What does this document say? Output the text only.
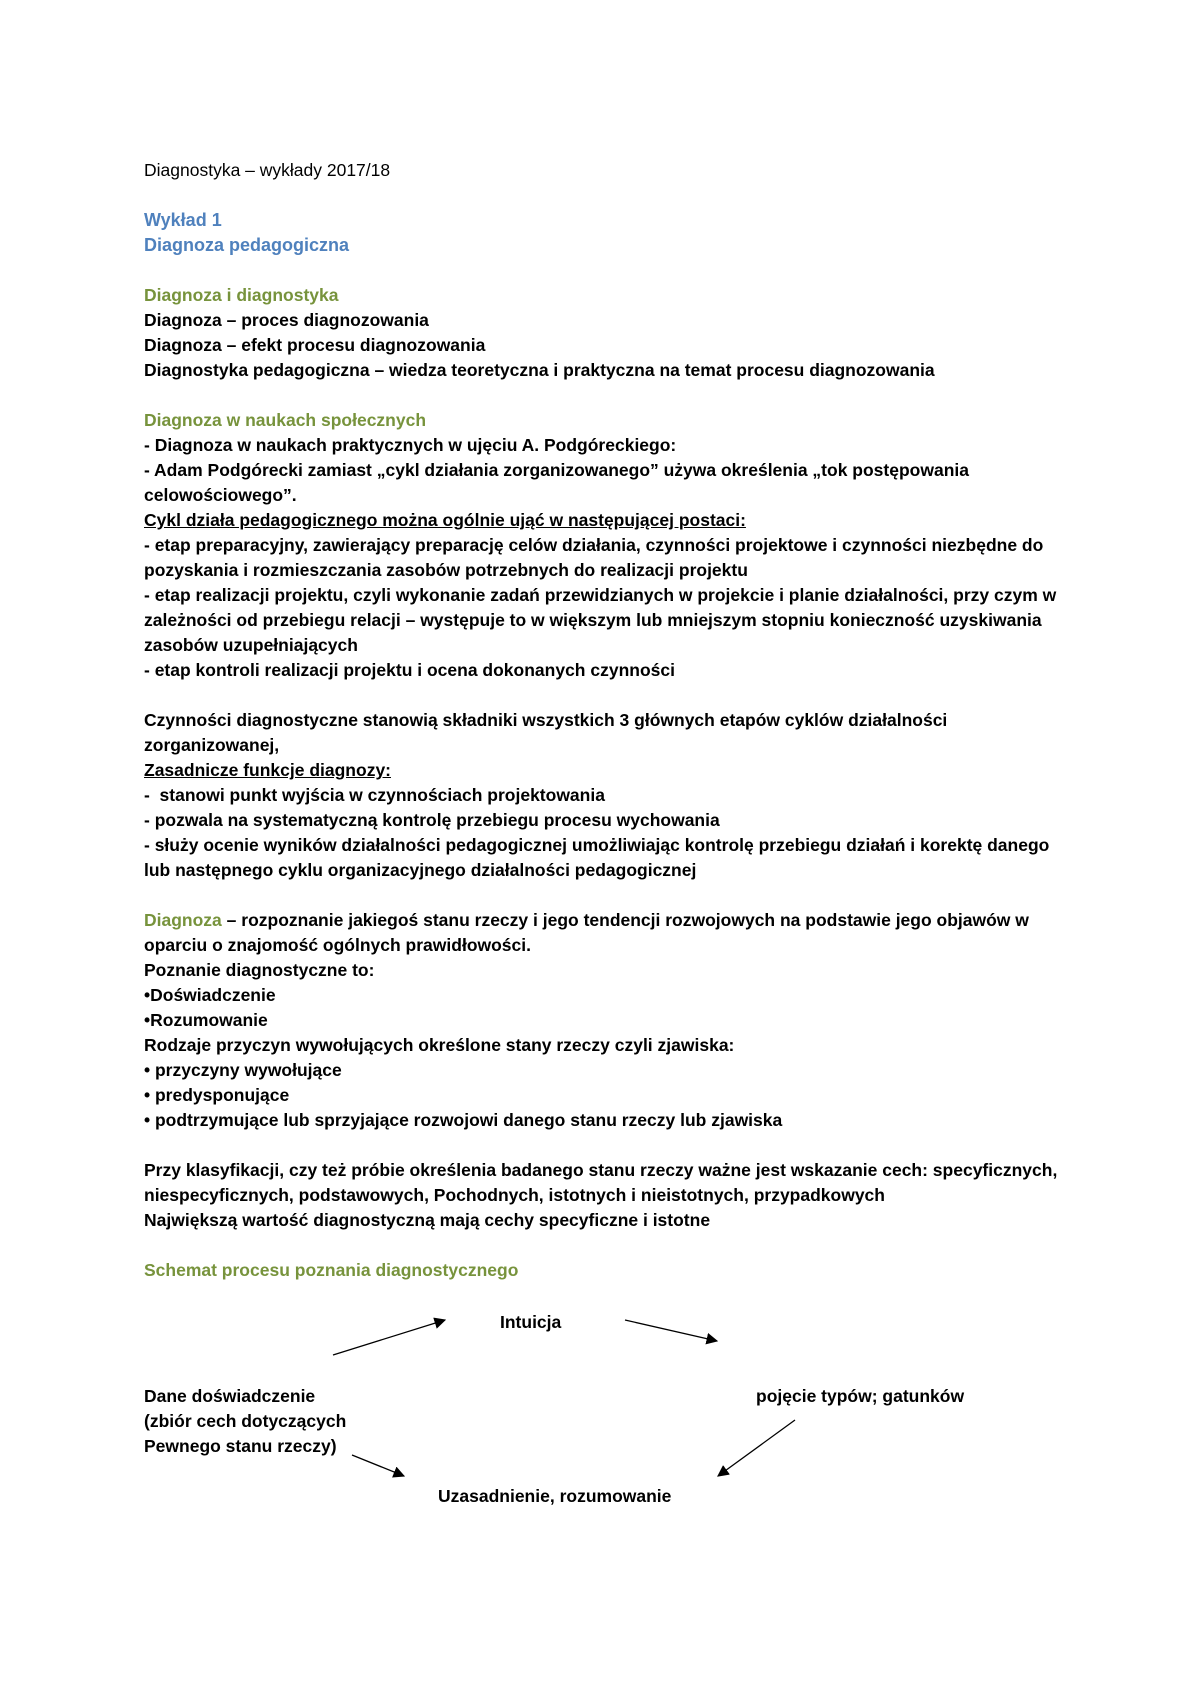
Diagnostyka – wykłady 2017/18

Wykład 1

Diagnoza pedagogiczna

Diagnoza i diagnostyka

Diagnoza – proces diagnozowania

Diagnoza – efekt procesu diagnozowania

Diagnostyka pedagogiczna – wiedza teoretyczna i praktyczna na temat procesu diagnozowania

Diagnoza w naukach społecznych

- Diagnoza w naukach praktycznych w ujęciu A. Podgóreckiego:

- Adam Podgórecki zamiast „cykl działania zorganizowanego” używa określenia „tok postępowania celowościowego”.

Cykl działa pedagogicznego można ogólnie ująć w następującej postaci:

- etap preparacyjny, zawierający preparację celów działania, czynności projektowe i czynności niezbędne do pozyskania i rozmieszczania zasobów potrzebnych do realizacji projektu

- etap realizacji projektu, czyli wykonanie zadań przewidzianych w projekcie i planie działalności, przy czym w zależności od przebiegu relacji – występuje to w większym lub mniejszym stopniu konieczność uzyskiwania zasobów uzupełniających

- etap kontroli realizacji projektu i ocena dokonanych czynności

Czynności diagnostyczne stanowią składniki wszystkich 3 głównych etapów cyklów działalności zorganizowanej,

Zasadnicze funkcje diagnozy:

-  stanowi punkt wyjścia w czynnościach projektowania

- pozwala na systematyczną kontrolę przebiegu procesu wychowania

- służy ocenie wyników działalności pedagogicznej umożliwiając kontrolę przebiegu działań i korektę danego lub następnego cyklu organizacyjnego działalności pedagogicznej

Diagnoza – rozpoznanie jakiegoś stanu rzeczy i jego tendencji rozwojowych na podstawie jego objawów w oparciu o znajomość ogólnych prawidłowości.

Poznanie diagnostyczne to:

•Doświadczenie

•Rozumowanie

Rodzaje przyczyn wywołujących określone stany rzeczy czyli zjawiska:

• przyczyny wywołujące

• predysponujące

• podtrzymujące lub sprzyjające rozwojowi danego stanu rzeczy lub zjawiska

Przy klasyfikacji, czy też próbie określenia badanego stanu rzeczy ważne jest wskazanie cech: specyficznych, niespecyficznych, podstawowych, Pochodnych, istotnych i nieistotnych, przypadkowych

Największą wartość diagnostyczną mają cechy specyficzne i istotne

Schemat procesu poznania diagnostycznego

Intuicja
Dane doświadczenie
(zbiór cech dotyczących
Pewnego stanu rzeczy)
pojęcie typów; gatunków
Uzasadnienie, rozumowanie
